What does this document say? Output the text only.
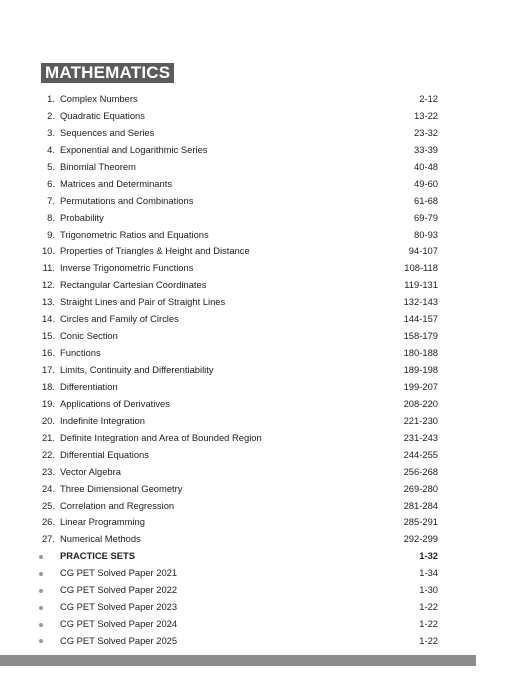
MATHEMATICS
1. Complex Numbers	2-12
2. Quadratic Equations	13-22
3. Sequences and Series	23-32
4. Exponential and Logarithmic Series	33-39
5. Binomial Theorem	40-48
6. Matrices and Determinants	49-60
7. Permutations and Combinations	61-68
8. Probability	69-79
9. Trigonometric Ratios and Equations	80-93
10. Properties of Triangles & Height and Distance	94-107
11. Inverse Trigonometric Functions	108-118
12. Rectangular Cartesian Coordinates	119-131
13. Straight Lines and Pair of Straight Lines	132-143
14. Circles and Family of Circles	144-157
15. Conic Section	158-179
16. Functions	180-188
17. Limits, Continuity and Differentiability	189-198
18. Differentiation	199-207
19. Applications of Derivatives	208-220
20. Indefinite Integration	221-230
21. Definite Integration and Area of Bounded Region	231-243
22. Differential Equations	244-255
23. Vector Algebra	256-268
24. Three Dimensional Geometry	269-280
25. Correlation and Regression	281-284
26. Linear Programming	285-291
27. Numerical Methods	292-299
PRACTICE SETS	1-32
CG PET Solved Paper 2021	1-34
CG PET Solved Paper 2022	1-30
CG PET Solved Paper 2023	1-22
CG PET Solved Paper 2024	1-22
CG PET Solved Paper 2025	1-22
